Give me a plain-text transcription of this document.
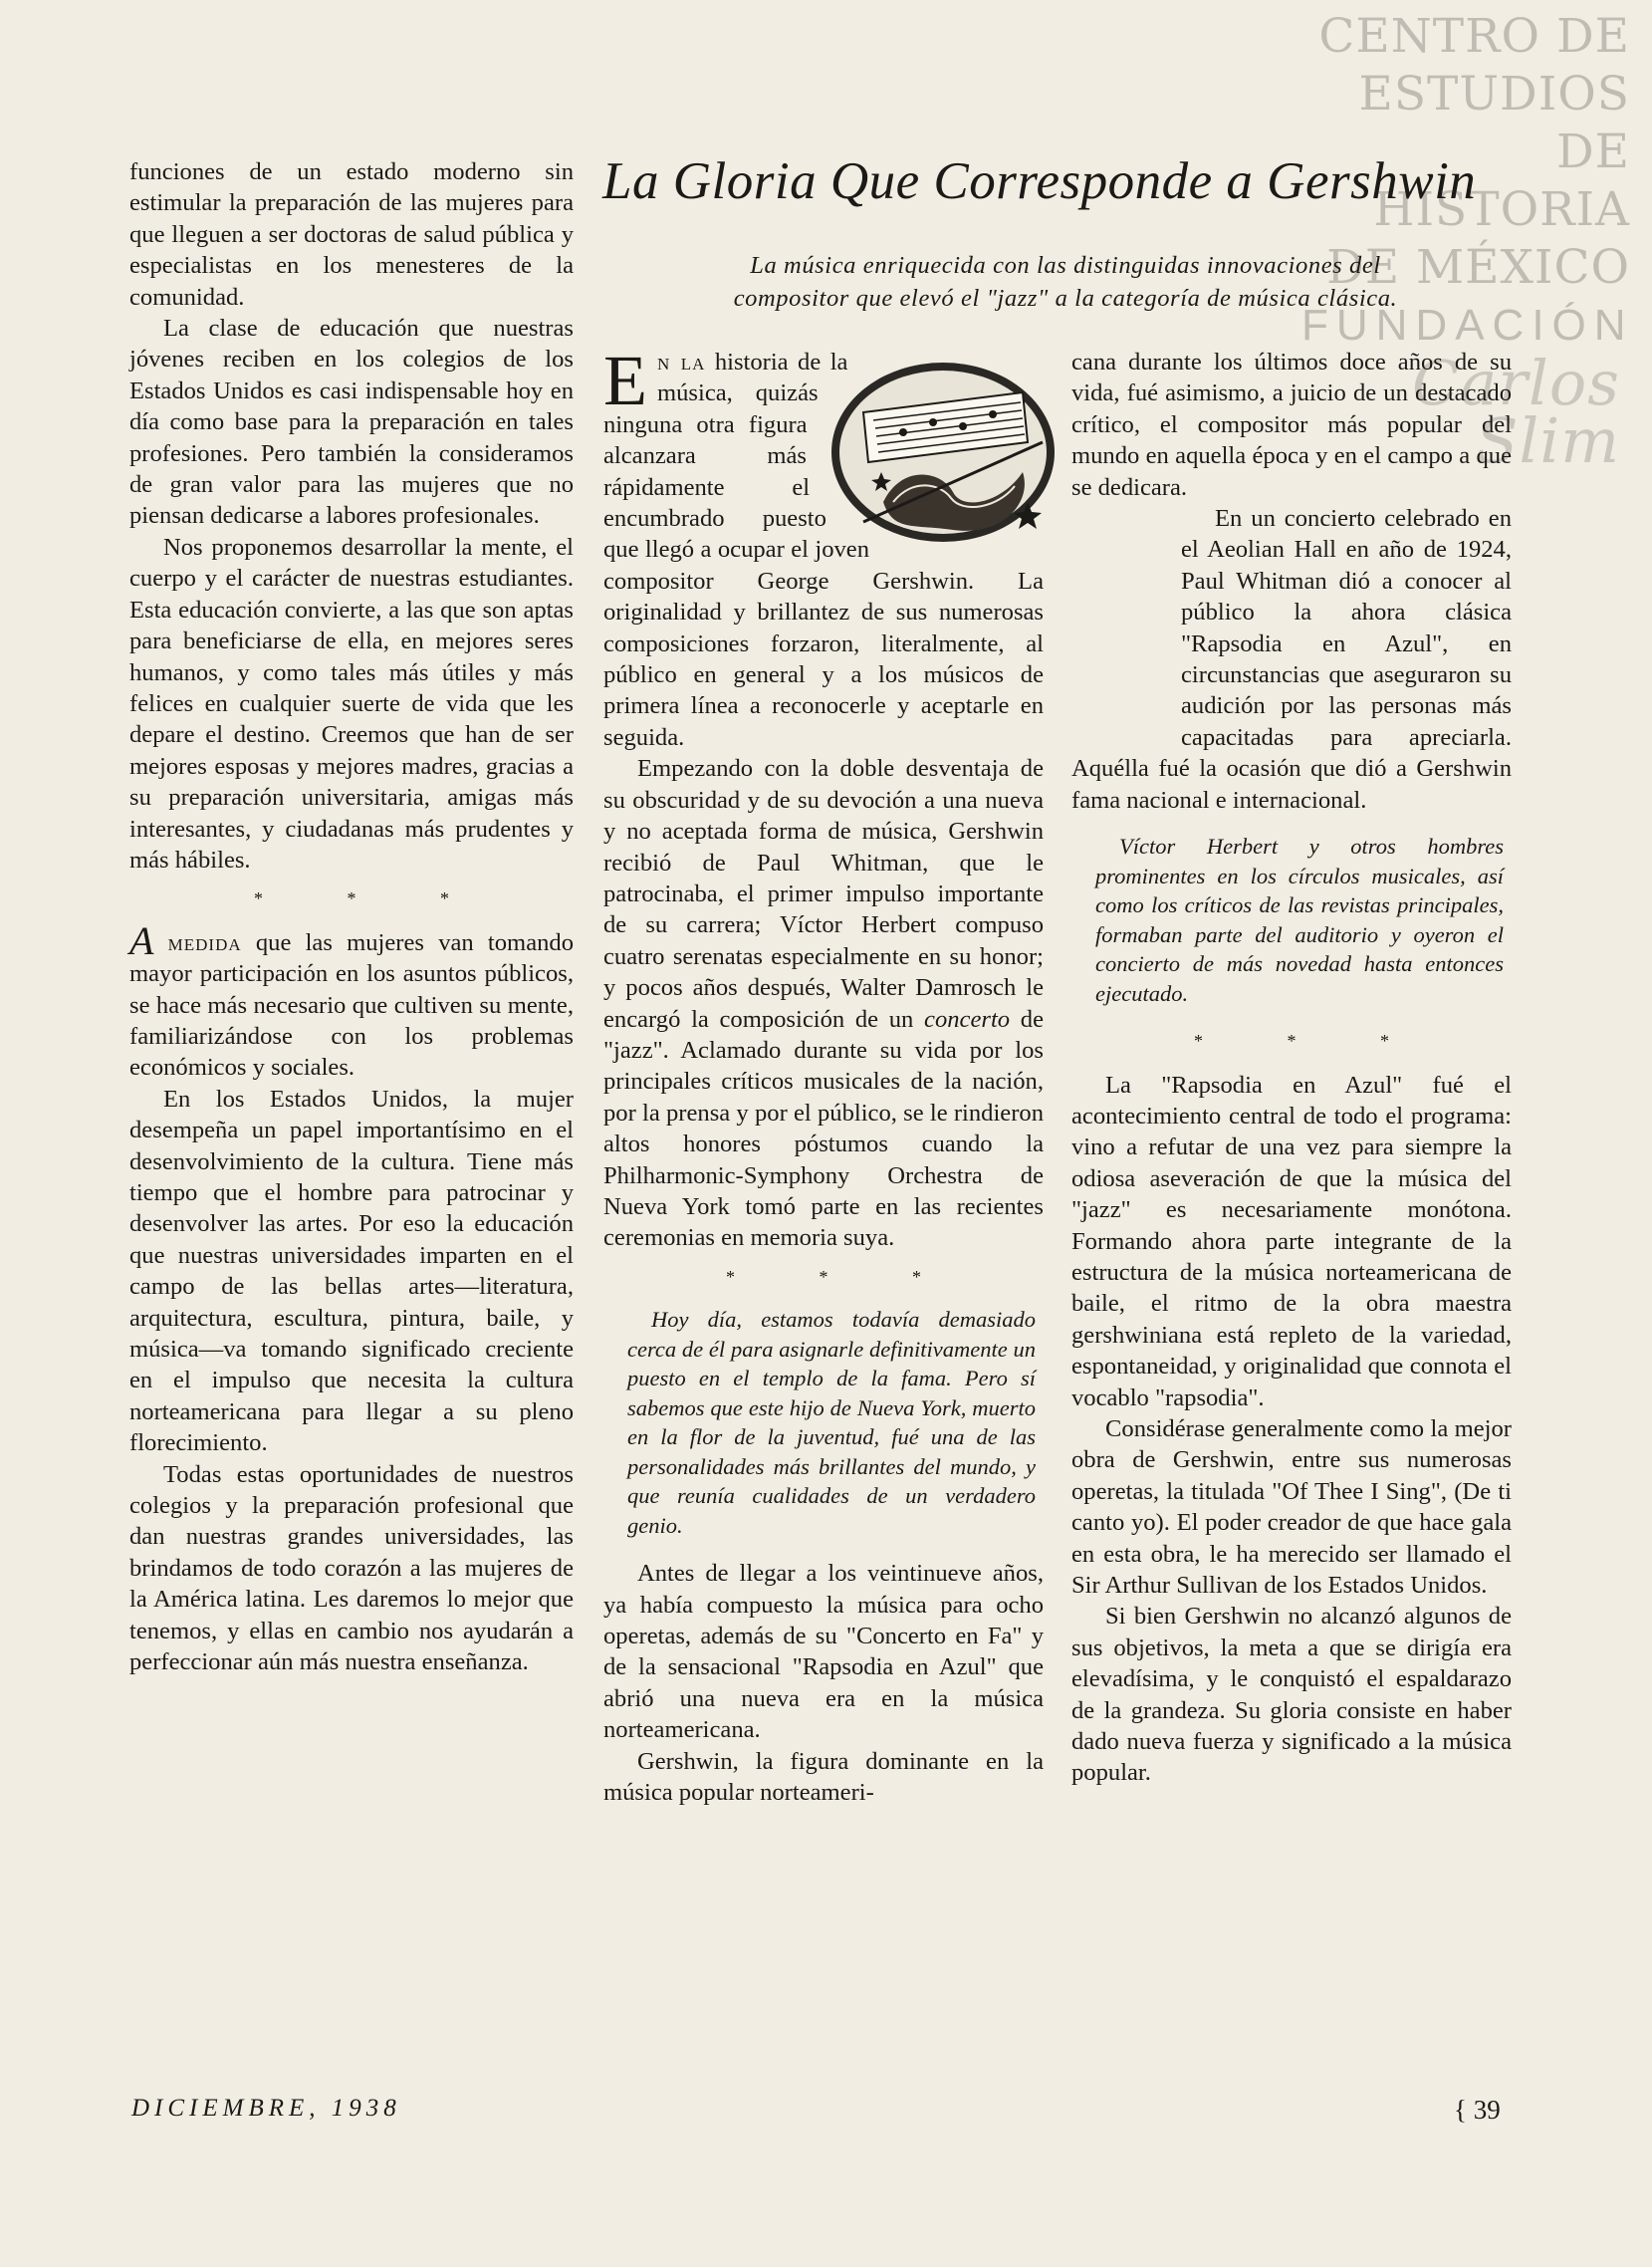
CENTRO DE
ESTUDIOS
DE HISTORIA
DE MÉXICO
FUNDACIÓN
Carlos Slim
La Gloria Que Corresponde a Gershwin
La música enriquecida con las distinguidas innovaciones del
compositor que elevó el "jazz" a la categoría de música clásica.

funciones de un estado moderno sin estimular la preparación de las mujeres para que lleguen a ser doctoras de salud pública y especialistas en los menesteres de la comunidad.

La clase de educación que nuestras jóvenes reciben en los colegios de los Estados Unidos es casi indispensable hoy en día como base para la preparación en tales profesiones. Pero también la consideramos de gran valor para las mujeres que no piensan dedicarse a labores profesionales.

Nos proponemos desarrollar la mente, el cuerpo y el carácter de nuestras estudiantes. Esta educación convierte, a las que son aptas para beneficiarse de ella, en mejores seres humanos, y como tales más útiles y más felices en cualquier suerte de vida que les depare el destino. Creemos que han de ser mejores esposas y mejores madres, gracias a su preparación universitaria, amigas más interesantes, y ciudadanas más prudentes y más hábiles.

* * *

A medida que las mujeres van tomando mayor participación en los asuntos públicos, se hace más necesario que cultiven su mente, familiarizándose con los problemas económicos y sociales.

En los Estados Unidos, la mujer desempeña un papel importantísimo en el desenvolvimiento de la cultura. Tiene más tiempo que el hombre para patrocinar y desenvolver las artes. Por eso la educación que nuestras universidades imparten en el campo de las bellas artes—literatura, arquitectura, escultura, pintura, baile, y música—va tomando significado creciente en el impulso que necesita la cultura norteamericana para llegar a su pleno florecimiento.

Todas estas oportunidades de nuestros colegios y la preparación profesional que dan nuestras grandes universidades, las brindamos de todo corazón a las mujeres de la América latina. Les daremos lo mejor que tenemos, y ellas en cambio nos ayudarán a perfeccionar aún más nuestra enseñanza.

E n la historia de la música, quizás ninguna otra figura alcanzara más rápidamente el encumbrado puesto que llegó a ocupar el joven compositor George Gershwin. La originalidad y brillantez de sus numerosas composiciones forzaron, literalmente, al público en general y a los músicos de primera línea a reconocerle y aceptarle en seguida.

Empezando con la doble desventaja de su obscuridad y de su devoción a una nueva y no aceptada forma de música, Gershwin recibió de Paul Whitman, que le patrocinaba, el primer impulso importante de su carrera; Víctor Herbert compuso cuatro serenatas especialmente en su honor; y pocos años después, Walter Damrosch le encargó la composición de un concerto de "jazz". Aclamado durante su vida por los principales críticos musicales de la nación, por la prensa y por el público, se le rindieron altos honores póstumos cuando la Philharmonic-Symphony Orchestra de Nueva York tomó parte en las recientes ceremonias en memoria suya.

* * *

Hoy día, estamos todavía demasiado cerca de él para asignarle definitivamente un puesto en el templo de la fama. Pero sí sabemos que este hijo de Nueva York, muerto en la flor de la juventud, fué una de las personalidades más brillantes del mundo, y que reunía cualidades de un verdadero genio.

Antes de llegar a los veintinueve años, ya había compuesto la música para ocho operetas, además de su "Concerto en Fa" y de la sensacional "Rapsodia en Azul" que abrió una nueva era en la música norteamericana.

Gershwin, la figura dominante en la música popular norteameri-

cana durante los últimos doce años de su vida, fué asimismo, a juicio de un destacado crítico, el compositor más popular del mundo en aquella época y en el campo a que se dedicara.

En un concierto celebrado en el Aeolian Hall en año de 1924, Paul Whitman dió a conocer al público la ahora clásica "Rapsodia en Azul", en circunstancias que aseguraron su audición por las personas más capacitadas para apreciarla. Aquélla fué la ocasión que dió a Gershwin fama nacional e internacional.

Víctor Herbert y otros hombres prominentes en los círculos musicales, así como los críticos de las revistas principales, formaban parte del auditorio y oyeron el concierto de más novedad hasta entonces ejecutado.

* * *

La "Rapsodia en Azul" fué el acontecimiento central de todo el programa: vino a refutar de una vez para siempre la odiosa aseveración de que la música del "jazz" es necesariamente monótona. Formando ahora parte integrante de la estructura de la música norteamericana de baile, el ritmo de la obra maestra gershwiniana está repleto de la variedad, espontaneidad, y originalidad que connota el vocablo "rapsodia".

Considérase generalmente como la mejor obra de Gershwin, entre sus numerosas operetas, la titulada "Of Thee I Sing", (De ti canto yo). El poder creador de que hace gala en esta obra, le ha merecido ser llamado el Sir Arthur Sullivan de los Estados Unidos.

Si bien Gershwin no alcanzó algunos de sus objetivos, la meta a que se dirigía era elevadísima, y le conquistó el espaldarazo de la grandeza. Su gloria consiste en haber dado nueva fuerza y significado a la música popular.

DICIEMBRE, 1938	{ 39
